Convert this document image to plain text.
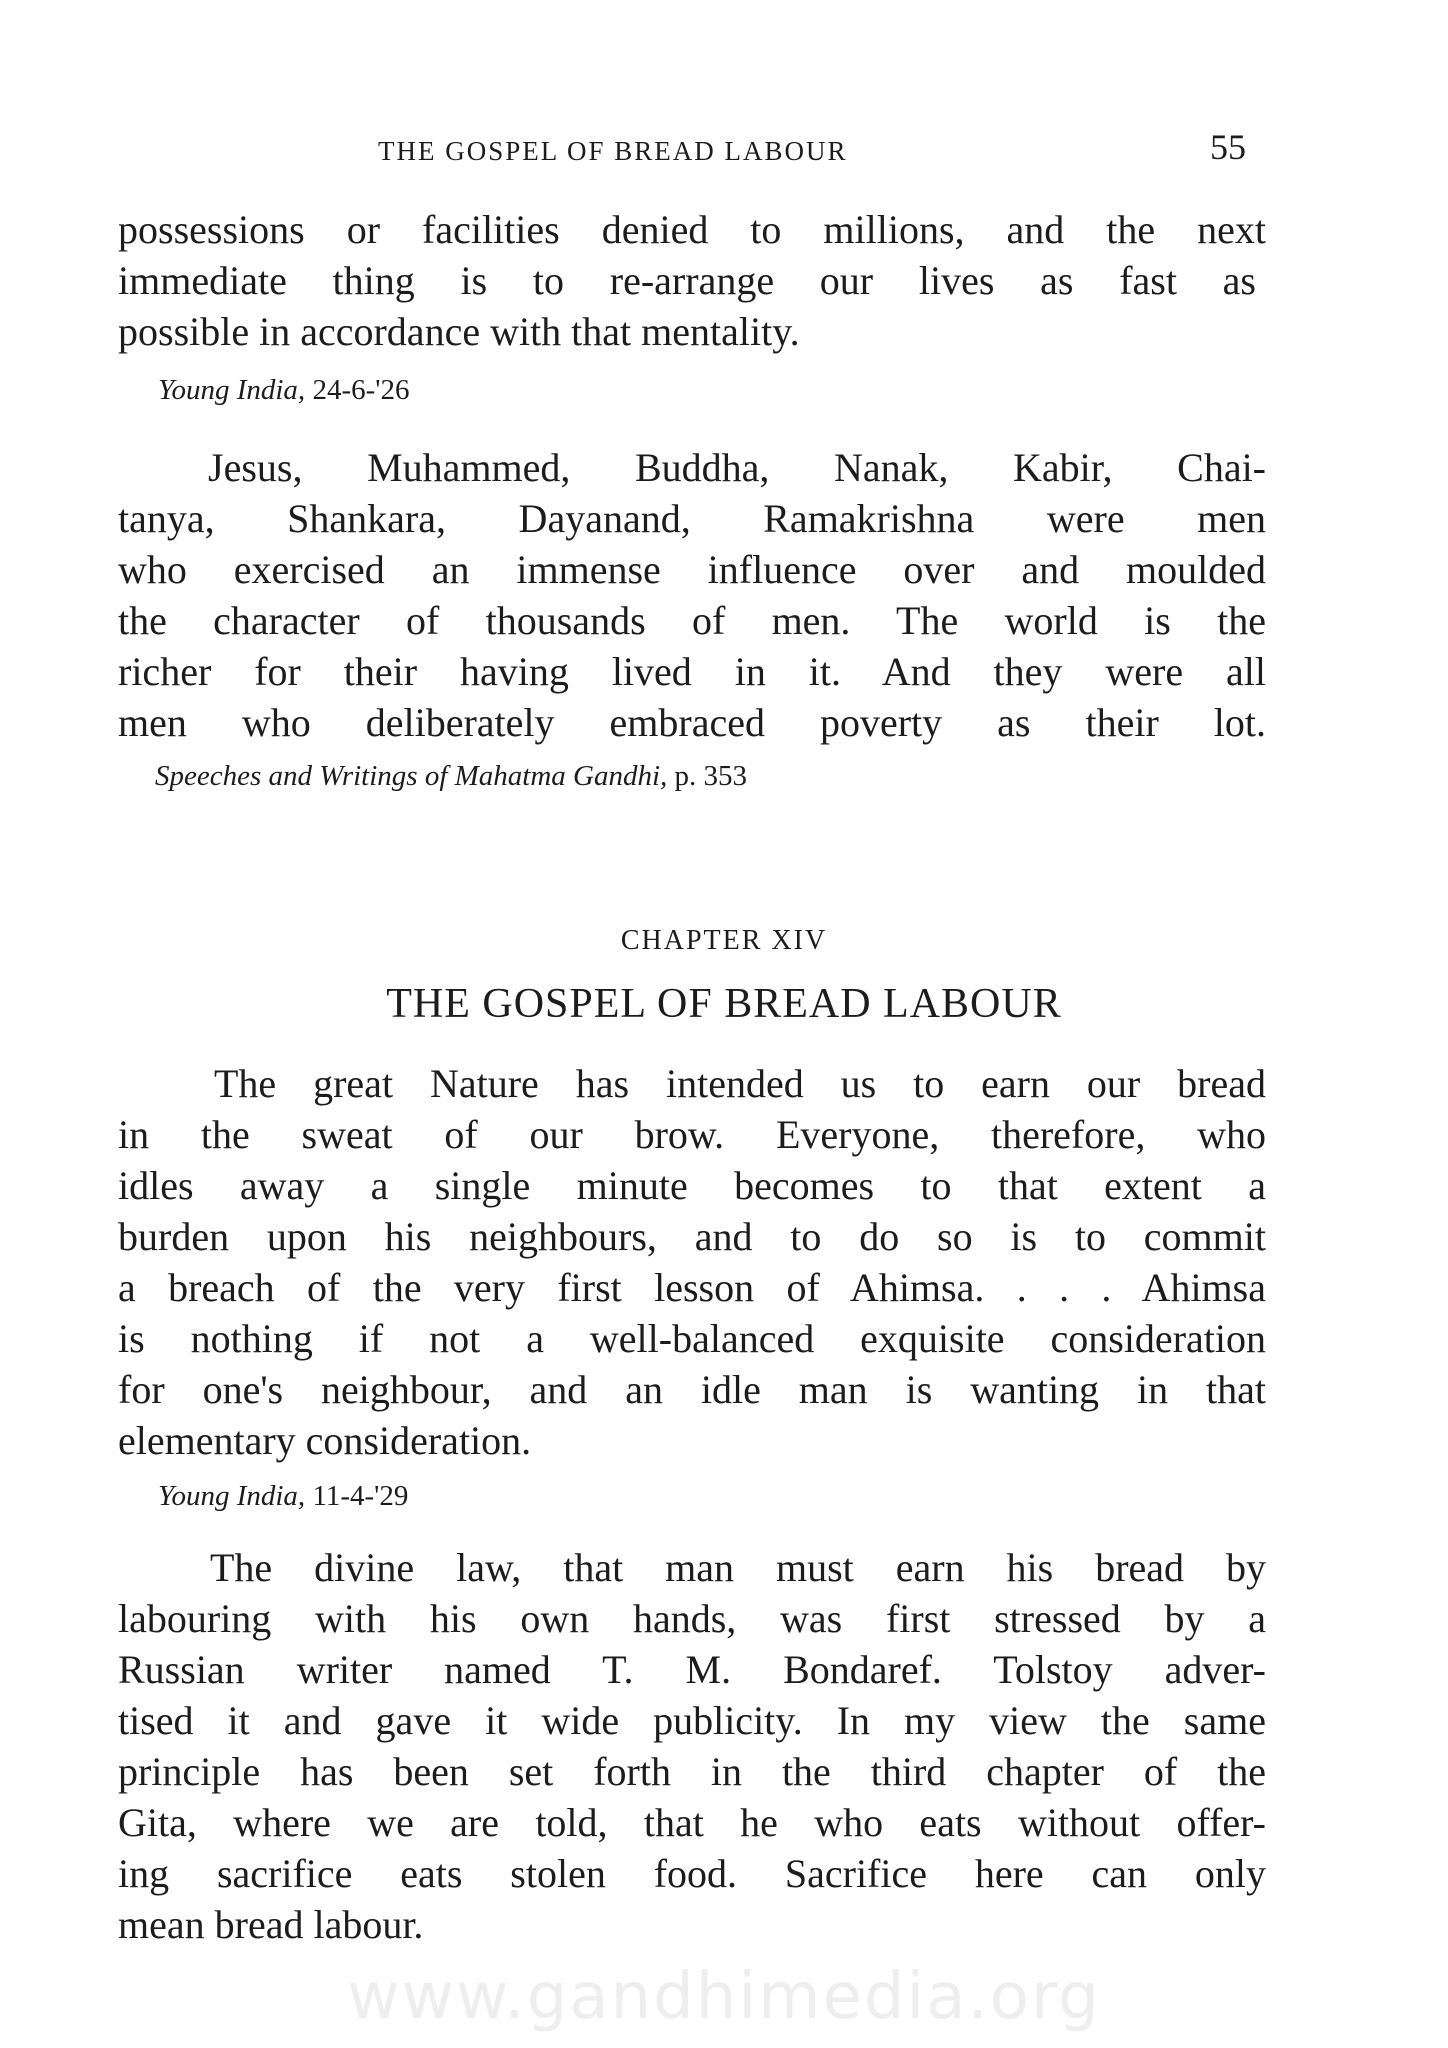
THE GOSPEL OF BREAD LABOUR	55
possessions or facilities denied to millions, and the next
immediate thing is to re-arrange our lives as fast as
possible in accordance with that mentality.
Young India, 24-6-'26
Jesus, Muhammed, Buddha, Nanak, Kabir, Chai-
tanya, Shankara, Dayanand, Ramakrishna were men
who exercised an immense influence over and moulded
the character of thousands of men. The world is the
richer for their having lived in it. And they were all
men who deliberately embraced poverty as their lot.
Speeches and Writings of Mahatma Gandhi, p. 353
CHAPTER XIV
THE GOSPEL OF BREAD LABOUR
The great Nature has intended us to earn our bread
in the sweat of our brow. Everyone, therefore, who
idles away a single minute becomes to that extent a
burden upon his neighbours, and to do so is to commit
a breach of the very first lesson of Ahimsa. . . . Ahimsa
is nothing if not a well-balanced exquisite consideration
for one's neighbour, and an idle man is wanting in that
elementary consideration.
Young India, 11-4-'29
The divine law, that man must earn his bread by
labouring with his own hands, was first stressed by a
Russian writer named T. M. Bondaref. Tolstoy adver-
tised it and gave it wide publicity. In my view the same
principle has been set forth in the third chapter of the
Gita, where we are told, that he who eats without offer-
ing sacrifice eats stolen food. Sacrifice here can only
mean bread labour.
www.gandhimedia.org
